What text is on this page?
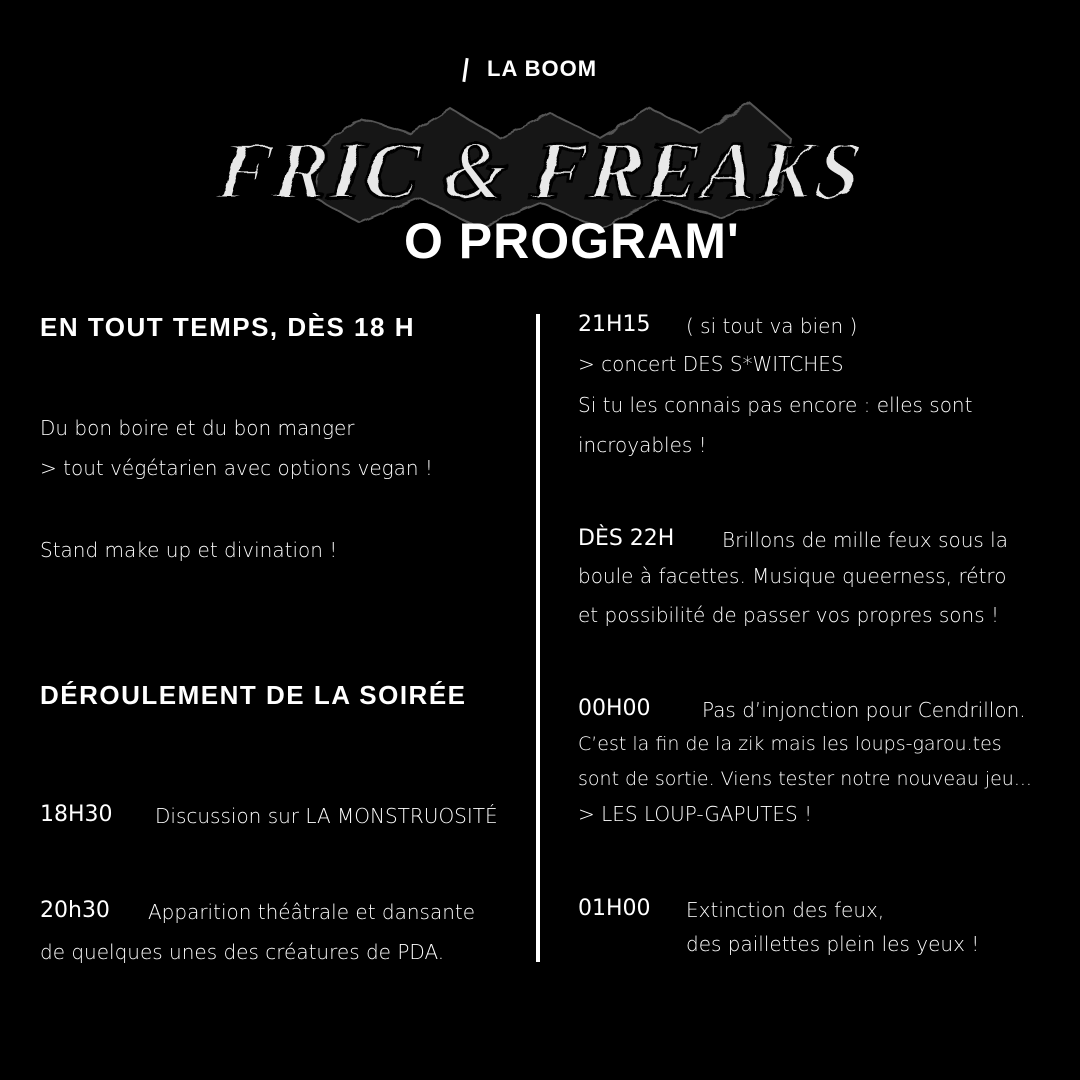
LA BOOM
FRIC & FREAKS
O PROGRAM'
EN TOUT TEMPS, DÈS 18 H
Du bon boire et du bon manger
> tout végétarien avec options vegan !
Stand make up et divination !
DÉROULEMENT DE LA SOIRÉE
18H30 Discussion sur LA MONSTRUOSITÉ
20h30 Apparition théâtrale et dansante
de quelques unes des créatures de PDA.
21H15 ( si tout va bien )
> concert DES S*WITCHES
Si tu les connais pas encore : elles sont
incroyables !
DÈS 22H Brillons de mille feux sous la
boule à facettes. Musique queerness, rétro
et possibilité de passer vos propres sons !
00H00	Pas d’injonction pour Cendrillon.
C’est la fin de la zik mais les loups-garou.tes
sont de sortie. Viens tester notre nouveau jeu...
> LES LOUP-GAPUTES !
01H00 Extinction des feux,
des paillettes plein les yeux !
